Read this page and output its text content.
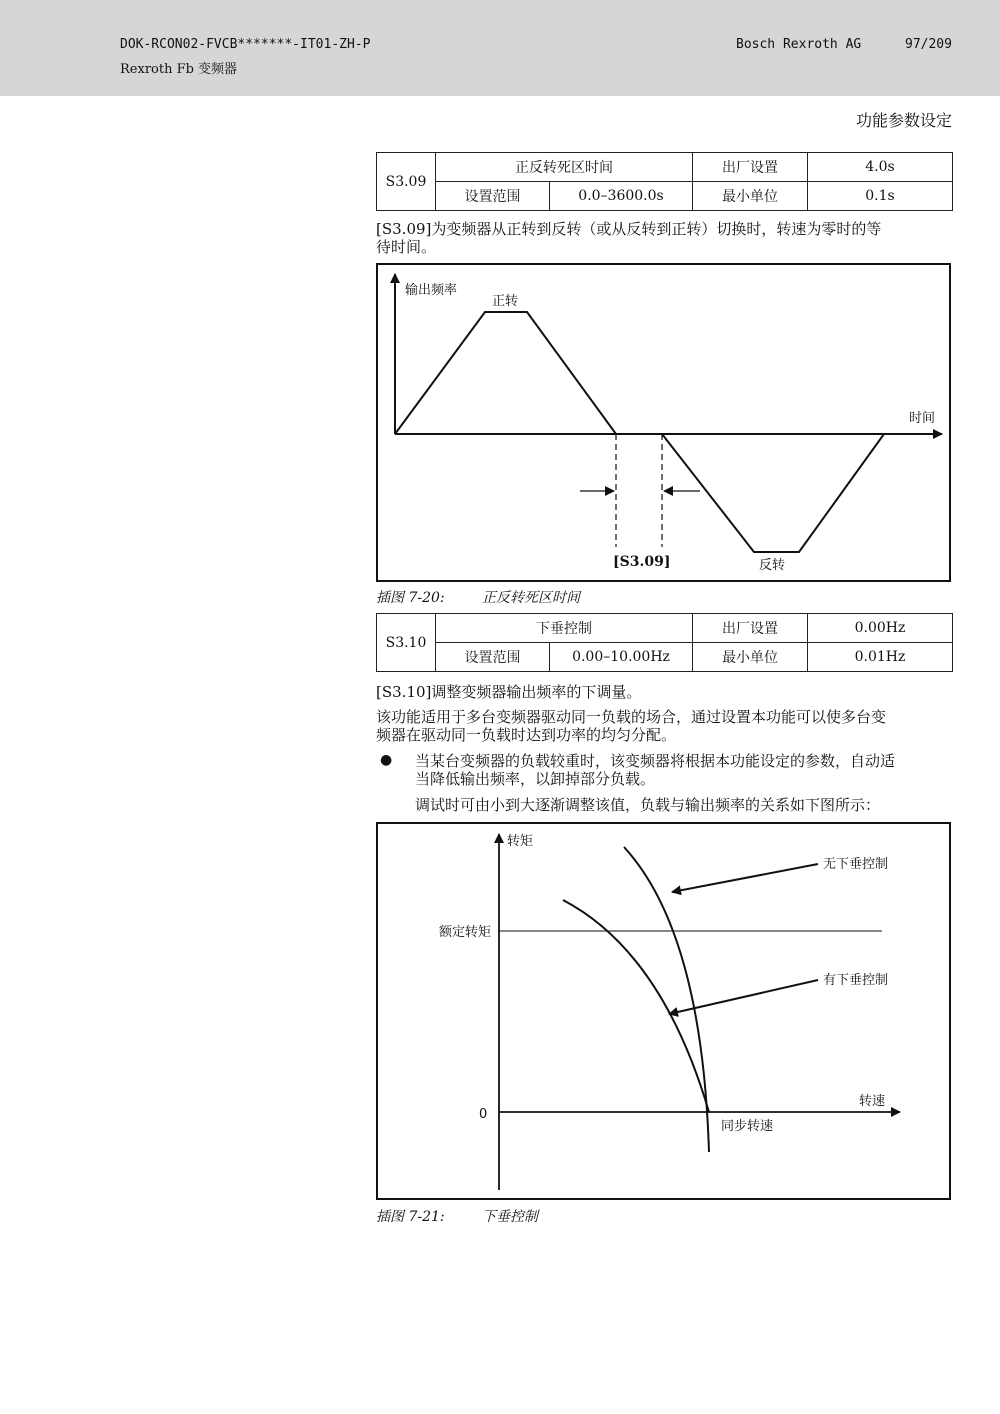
DOK-RCON02-FVCB*******-IT01-ZH-P
Rexroth Fb 变频器
Bosch Rexroth AG	97/209
功能参数设定
S3.09	正反转死区时间		出厂设置	4.0s
	设置范围	0.0–3600.0s	最小单位	0.1s
[S3.09]为变频器从正转到反转（或从反转到正转）切换时，转速为零时的等
待时间。
输出频率
时间
正转
反转
[S3.09]
插图 7-20:	正反转死区时间
S3.10	下垂控制		出厂设置	0.00Hz
	设置范围	0.00–10.00Hz	最小单位	0.01Hz
[S3.10]调整变频器输出频率的下调量。
该功能适用于多台变频器驱动同一负载的场合，通过设置本功能可以使多台变
频器在驱动同一负载时达到功率的均匀分配。
● 当某台变频器的负载较重时，该变频器将根据本功能设定的参数，自动适
当降低输出频率，以卸掉部分负载。
调试时可由小到大逐渐调整该值，负载与输出频率的关系如下图所示：
转矩
转速
额定转矩
0
同步转速
无下垂控制
有下垂控制
插图 7-21:	下垂控制
